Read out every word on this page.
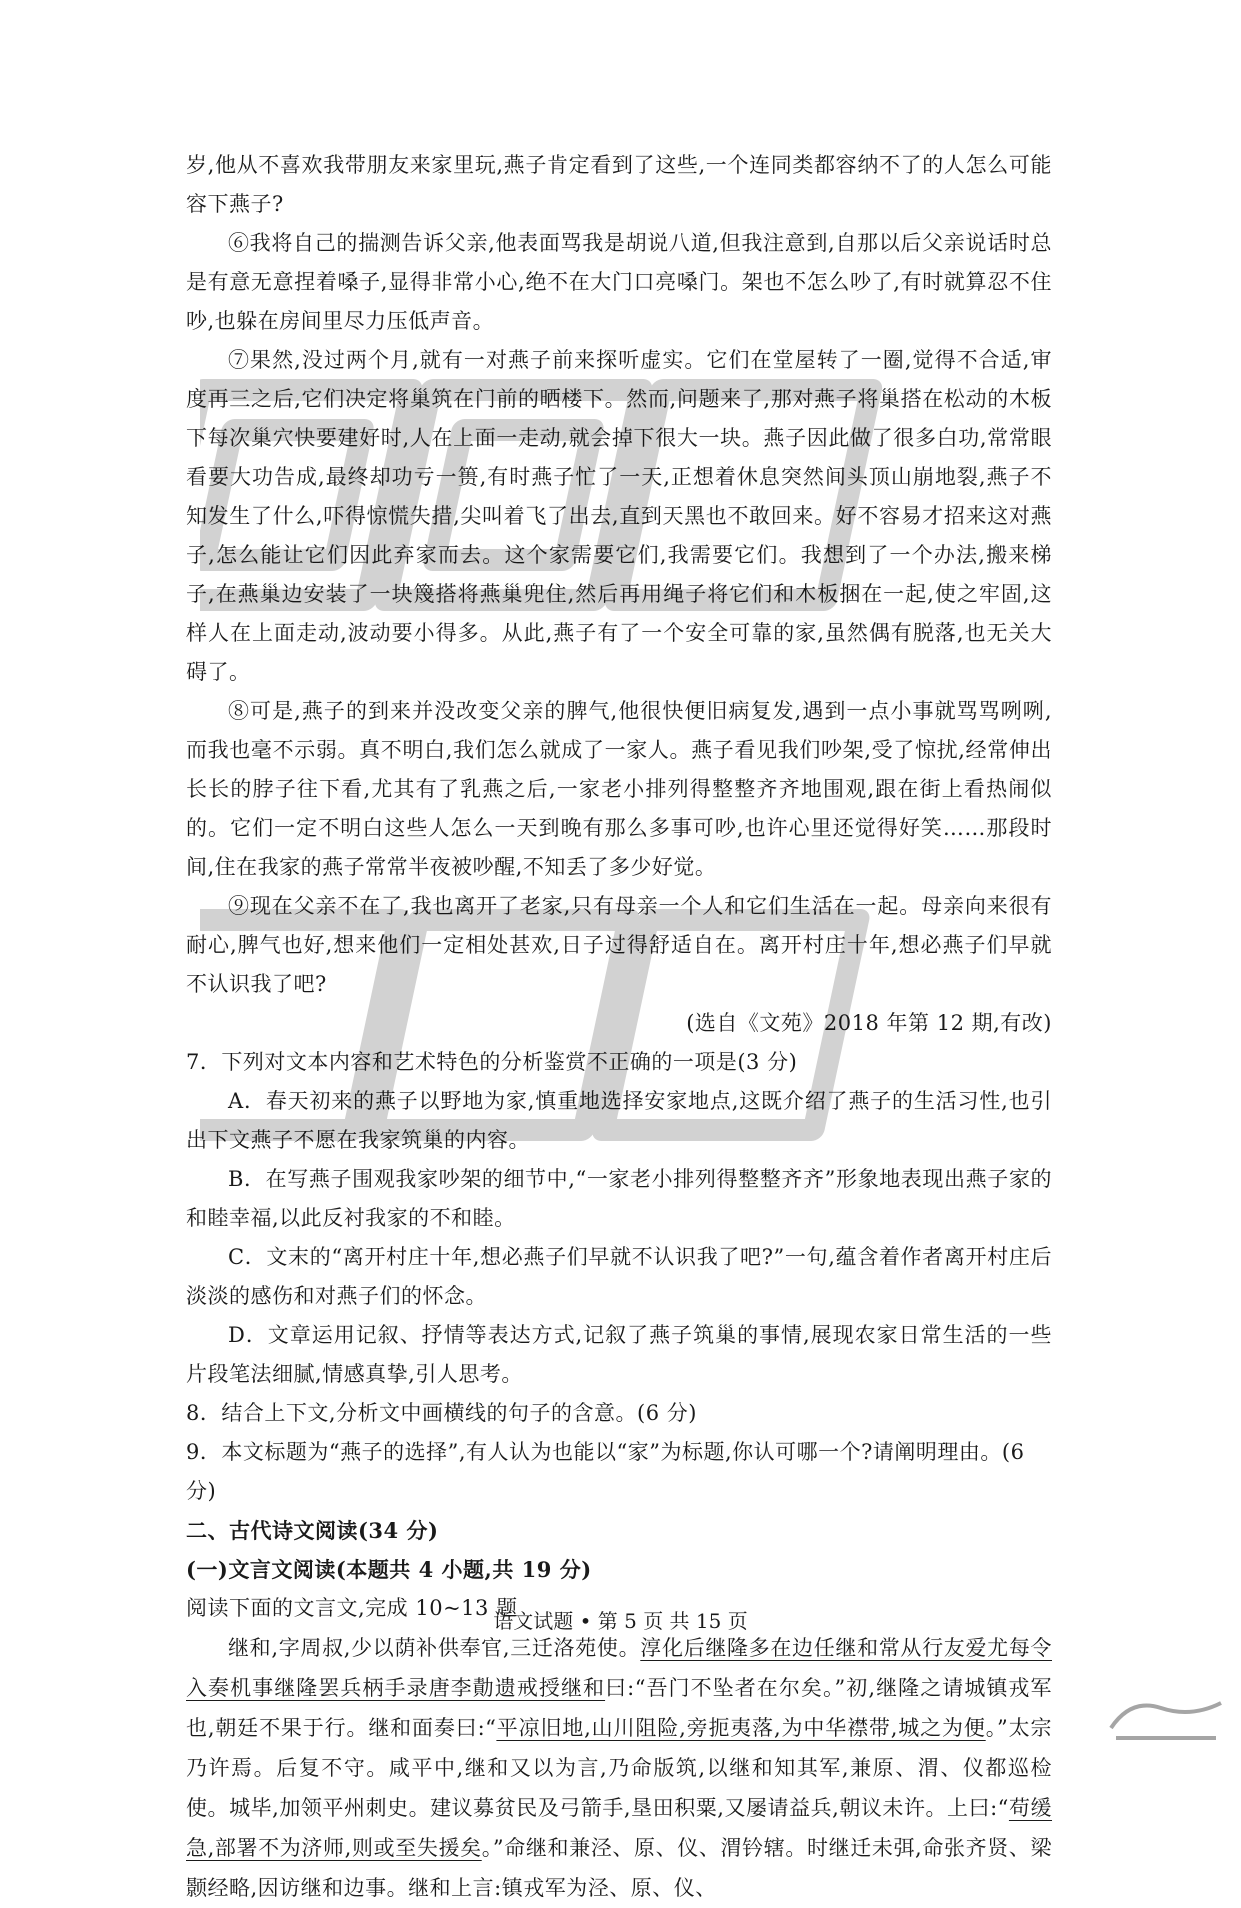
岁,他从不喜欢我带朋友来家里玩,燕子肯定看到了这些,一个连同类都容纳不了的人怎么可能容下燕子?

⑥我将自己的揣测告诉父亲,他表面骂我是胡说八道,但我注意到,自那以后父亲说话时总是有意无意捏着嗓子,显得非常小心,绝不在大门口亮嗓门。架也不怎么吵了,有时就算忍不住吵,也躲在房间里尽力压低声音。

⑦果然,没过两个月,就有一对燕子前来探听虚实。它们在堂屋转了一圈,觉得不合适,审度再三之后,它们决定将巢筑在门前的晒楼下。然而,问题来了,那对燕子将巢搭在松动的木板下每次巢穴快要建好时,人在上面一走动,就会掉下很大一块。燕子因此做了很多白功,常常眼看要大功告成,最终却功亏一篑,有时燕子忙了一天,正想着休息突然间头顶山崩地裂,燕子不知发生了什么,吓得惊慌失措,尖叫着飞了出去,直到天黑也不敢回来。好不容易才招来这对燕子,怎么能让它们因此弃家而去。这个家需要它们,我需要它们。我想到了一个办法,搬来梯子,在燕巢边安装了一块篾搭将燕巢兜住,然后再用绳子将它们和木板捆在一起,使之牢固,这样人在上面走动,波动要小得多。从此,燕子有了一个安全可靠的家,虽然偶有脱落,也无关大碍了。

⑧可是,燕子的到来并没改变父亲的脾气,他很快便旧病复发,遇到一点小事就骂骂咧咧,而我也毫不示弱。真不明白,我们怎么就成了一家人。燕子看见我们吵架,受了惊扰,经常伸出长长的脖子往下看,尤其有了乳燕之后,一家老小排列得整整齐齐地围观,跟在街上看热闹似的。它们一定不明白这些人怎么一天到晚有那么多事可吵,也许心里还觉得好笑……那段时间,住在我家的燕子常常半夜被吵醒,不知丢了多少好觉。

⑨现在父亲不在了,我也离开了老家,只有母亲一个人和它们生活在一起。母亲向来很有耐心,脾气也好,想来他们一定相处甚欢,日子过得舒适自在。离开村庄十年,想必燕子们早就不认识我了吧?

(选自《文苑》2018 年第 12 期,有改)

7．下列对文本内容和艺术特色的分析鉴赏不正确的一项是(3 分)

A．春天初来的燕子以野地为家,慎重地选择安家地点,这既介绍了燕子的生活习性,也引出下文燕子不愿在我家筑巢的内容。

B．在写燕子围观我家吵架的细节中,“一家老小排列得整整齐齐”形象地表现出燕子家的和睦幸福,以此反衬我家的不和睦。

C．文末的“离开村庄十年,想必燕子们早就不认识我了吧?”一句,蕴含着作者离开村庄后淡淡的感伤和对燕子们的怀念。

D．文章运用记叙、抒情等表达方式,记叙了燕子筑巢的事情,展现农家日常生活的一些片段笔法细腻,情感真挚,引人思考。

8．结合上下文,分析文中画横线的句子的含意。(6 分)

9．本文标题为“燕子的选择”,有人认为也能以“家”为标题,你认可哪一个?请阐明理由。(6 分)

二、古代诗文阅读(34 分)

(一)文言文阅读(本题共 4 小题,共 19 分)

阅读下面的文言文,完成 10~13 题

继和,字周叔,少以荫补供奉官,三迁洛苑使。淳化后继隆多在边任继和常从行友爱尤每令入奏机事继隆罢兵柄手录唐李勣遗戒授继和曰:“吾门不坠者在尔矣。”初,继隆之请城镇戎军也,朝廷不果于行。继和面奏曰:“平凉旧地,山川阻险,旁扼夷落,为中华襟带,城之为便。”太宗乃许焉。后复不守。咸平中,继和又以为言,乃命版筑,以继和知其军,兼原、渭、仪都巡检使。城毕,加领平州刺史。建议募贫民及弓箭手,垦田积粟,又屡请益兵,朝议未许。上曰:“苟缓急,部署不为济师,则或至失援矣。”命继和兼泾、原、仪、渭钤辖。时继迁未弭,命张齐贤、梁颢经略,因访继和边事。继和上言:镇戎军为泾、原、仪、

语文试题 • 第 5 页 共 15 页
